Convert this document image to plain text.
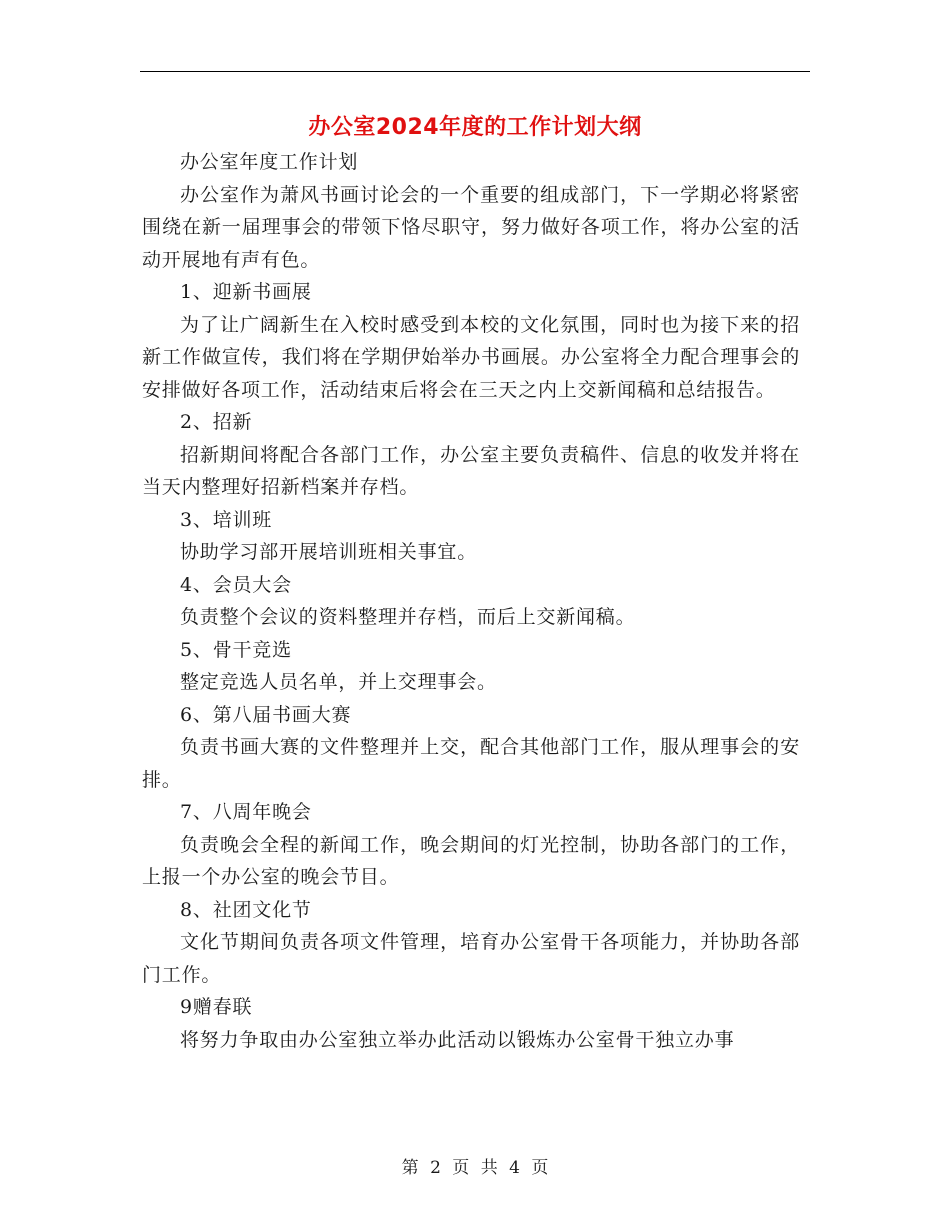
办公室2024年度的工作计划大纲

办公室年度工作计划

办公室作为萧风书画讨论会的一个重要的组成部门，下一学期必将紧密围绕在新一届理事会的带领下恪尽职守，努力做好各项工作，将办公室的活动开展地有声有色。

1、迎新书画展

为了让广阔新生在入校时感受到本校的文化氛围，同时也为接下来的招新工作做宣传，我们将在学期伊始举办书画展。办公室将全力配合理事会的安排做好各项工作，活动结束后将会在三天之内上交新闻稿和总结报告。

2、招新

招新期间将配合各部门工作，办公室主要负责稿件、信息的收发并将在当天内整理好招新档案并存档。

3、培训班

协助学习部开展培训班相关事宜。

4、会员大会

负责整个会议的资料整理并存档，而后上交新闻稿。

5、骨干竞选

整定竞选人员名单，并上交理事会。

6、第八届书画大赛

负责书画大赛的文件整理并上交，配合其他部门工作，服从理事会的安排。

7、八周年晚会

负责晚会全程的新闻工作，晚会期间的灯光控制，协助各部门的工作，上报一个办公室的晚会节目。

8、社团文化节

文化节期间负责各项文件管理，培育办公室骨干各项能力，并协助各部门工作。

9赠春联

将努力争取由办公室独立举办此活动以锻炼办公室骨干独立办事

第 2 页 共 4 页
